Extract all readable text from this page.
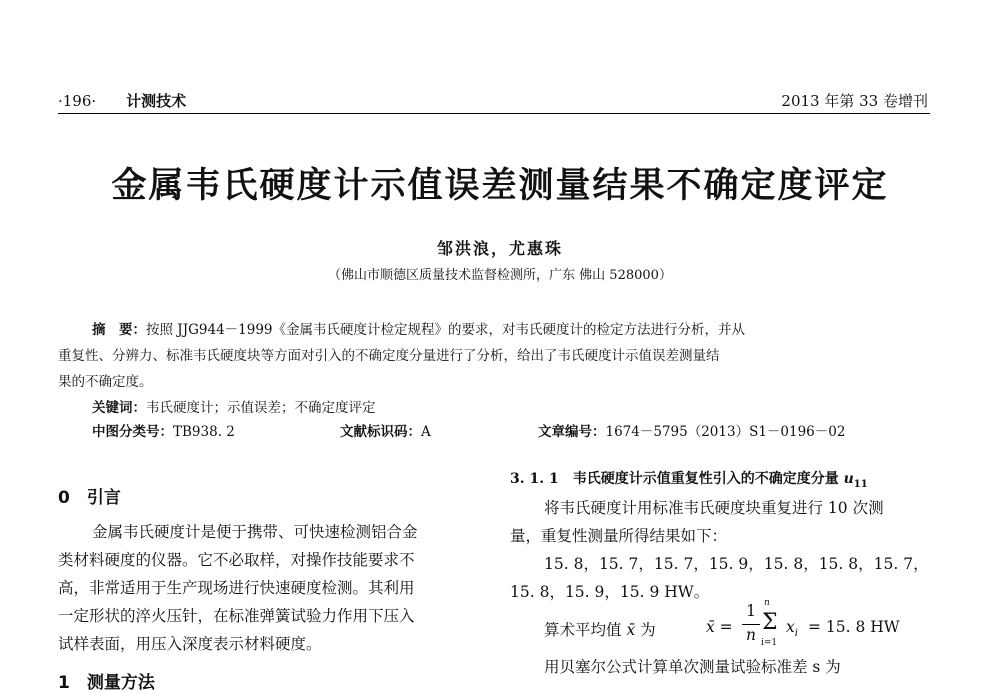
·196· 计测技术	2013 年第 33 卷增刊
金属韦氏硬度计示值误差测量结果不确定度评定
邹洪浪，尤惠珠
（佛山市顺德区质量技术监督检测所，广东 佛山 528000）
摘　要：按照 JJG944－1999《金属韦氏硬度计检定规程》的要求，对韦氏硬度计的检定方法进行分析，并从
重复性、分辨力、标准韦氏硬度块等方面对引入的不确定度分量进行了分析，给出了韦氏硬度计示值误差测量结
果的不确定度。
关键词：韦氏硬度计；示值误差；不确定度评定
中图分类号：TB938. 2	文献标识码：A	文章编号：1674－5795（2013）S1－0196－02
0　引言
金属韦氏硬度计是便于携带、可快速检测铝合金
类材料硬度的仪器。它不必取样，对操作技能要求不
高，非常适用于生产现场进行快速硬度检测。其利用
一定形状的淬火压针，在标准弹簧试验力作用下压入
试样表面，用压入深度表示材料硬度。
1　测量方法
3. 1. 1　韦氏硬度计示值重复性引入的不确定度分量 $u_{11}$
将韦氏硬度计用标准韦氏硬度块重复进行 10 次测
量，重复性测量所得结果如下：
15. 8，15. 7，15. 7，15. 9，15. 8，15. 8，15. 7，
15. 8，15. 9，15. 9 HW。
算术平均值 x̄ 为	x̄ =
1
n
n
Σ
i=1
$x_i = 15$. 8 HW
用贝塞尔公式计算单次测量试验标准差 s 为
